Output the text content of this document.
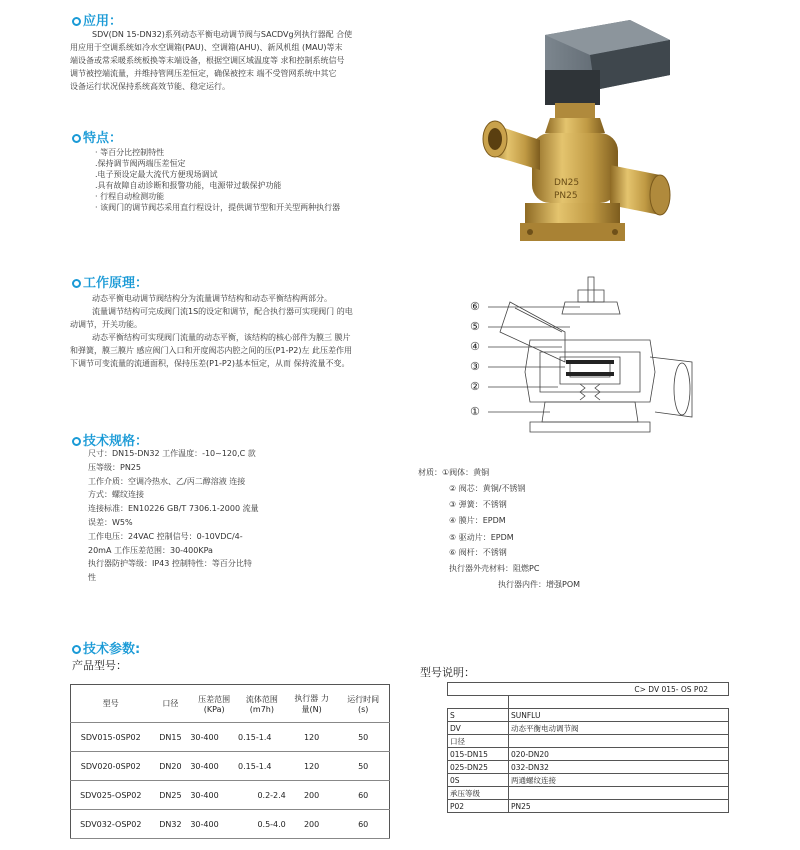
应用：
SDV(DN 15-DN32)系列动态平衡电动调节阀与SACDVg列执行器配 合使
用应用于空调系统如冷水空调箱(PAU)、空调箱(AHU)、新风机组 (MAU)等末
端设备或常采暖系统板换等末端设备，根据空调区域温度等 求和控制系统信号
调节被控端流量，并维持管网压差恒定，确保被控末 端不受管网系统中其它
设备运行状况保持系统高效节能、稳定运行。
特点：
· 等百分比控制特性
.保持调节阀两端压差恒定
.电子预设定最大流代方便现场调试
.具有故障自动诊断和报警功能，电源带过载保护功能
· 行程自动检测功能
· 该阀门的调节阀芯采用直行程设计，提供调节型和开关型两种执行器
DN25
PN25
工作原理：
动态平衡电动调节阀结构分为流量调节结构和动态平衡结构两部分。
流量调节结构可完成阀门流1S的设定和调节，配合执行器可实现阀门 的电
动调节，开关功能。
动态平衡结构可实现阀门流量的动态平衡，该结构的核心部件为膜三 膜片
和弹簧，膜三膜片 感应阀门入口和开度阀芯内腔之间的压(P1-P2)左 此压差作用
下调节可变流量的流通面积，保持压差(P1-P2)基本恒定，从而 保持流量不变。
⑥
⑤
④
③
②
①
技术规格：
尺寸：DN15-DN32 工作温度：-10~120,C 款
压等级：PN25
工作介质：空调冷热水、乙/丙二醇溶液 连接
方式：螺纹连接
连接标准：EN10226 GB/T 7306.1-2000 流量
误差：W5%
工作电压：24VAC 控制信号：0-10VDC/4-
20mA 工作压差范围：30-400KPa
执行器防护等级：IP43 控制特性：等百分比特
性
材质：①阀体：黄铜
② 阀芯：黄铜/不锈钢
③ 弹簧：不锈钢
④ 膜片：EPDM
⑤ 驱动片：EPDM
⑥ 阀杆：不锈钢
执行器外壳材料：阻燃PC
执行器内件：增强POM
技术参数:
产品型号：
型号说明：
型号	口径	压差范围
(KPa)	流体范围
(m7h)	执行器 力
量(N)	运行时间
(s)
SDV015-0SP02	DN15	30-400	0.15-1.4	120	50
SDV020-0SP02	DN20	30-400	0.15-1.4	120	50
SDV025-OSP02	DN25	30-400	0.2-2.4	200	60
SDV032-OSP02	DN32	30-400	0.5-4.0	200	60
C> DV 015- OS P02	

S	SUNFLU
DV	动态平衡电动调节阀
口径	
015-DN15	020-DN20
025-DN25	032-DN32
0S	两通螺纹连接
承压等级	
P02	PN25
